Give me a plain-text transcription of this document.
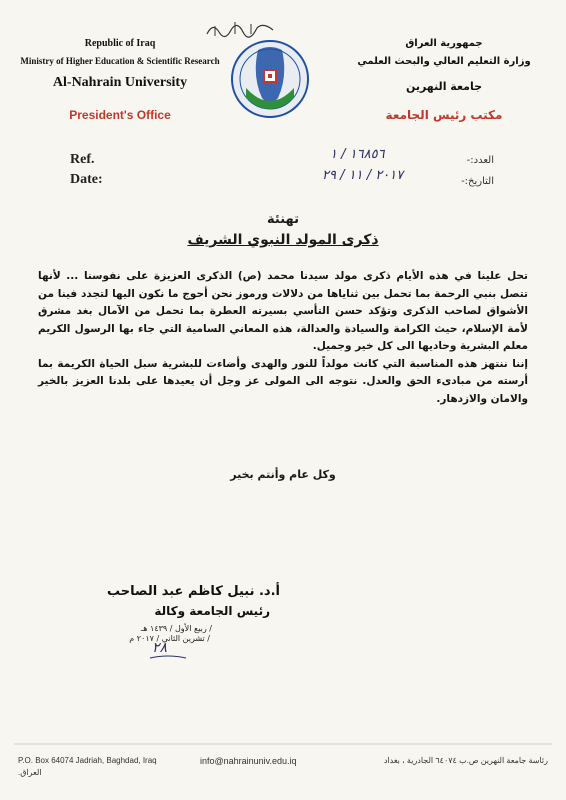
Republic of Iraq
Ministry of Higher Education & Scientific Research
Al-Nahrain University
President's Office
جمهورية العراق
وزارة التعليم العالي والبحث العلمي
جامعة النهرين
مكتب رئيس الجامعة
Ref.
Date:
العدد:-
التاريخ:-
١٦٨٥٦ / ١
٢٠١٧ / ١١ / ٢٩
تهنئة
ذكرى المولد النبوي الشريف

تحل علينا في هذه الأيام ذكرى مولد سيدنا محمد (ص) الذكرى العزيزة على نفوسنا ... لأنها تتصل بنبي الرحمة بما تحمل بين ثناياها من دلالات ورموز نحن أحوج ما نكون اليها لتجدد فينا من الأشواق لصاحب الذكرى وتؤكد حسن التأسي بسيرته العطرة بما تحمل من الآمال بغد مشرق لأمة الإسلام، حيث الكرامة والسيادة والعدالة، هذه المعاني السامية التي جاء بها الرسول الكريم معلم البشرية وحاديها الى كل خير وجميل.

إننا ننتهز هذه المناسبة التي كانت مولداً للنور والهدى وأضاءت للبشرية سبل الحياة الكريمة بما أرسته من مبادىء الحق والعدل. نتوجه الى المولى عز وجل أن يعيدها على بلدنا العزيز بالخير والامان والازدهار.

وكل عام وأنتم بخير
أ.د. نبيل كاظم عبد الصاحب
رئيس الجامعة وكالة
/ ربيع الأول / ١٤٣٩ هـ
/ تشرين الثاني / ٢٠١٧ م
٢٨
P.O. Box 64074 Jadriah, Baghdad, Iraq
العراق.
info@nahrainuniv.edu.iq	رئاسة جامعة النهرين ص.ب ٦٤٠٧٤ الجادرية ، بغداد
